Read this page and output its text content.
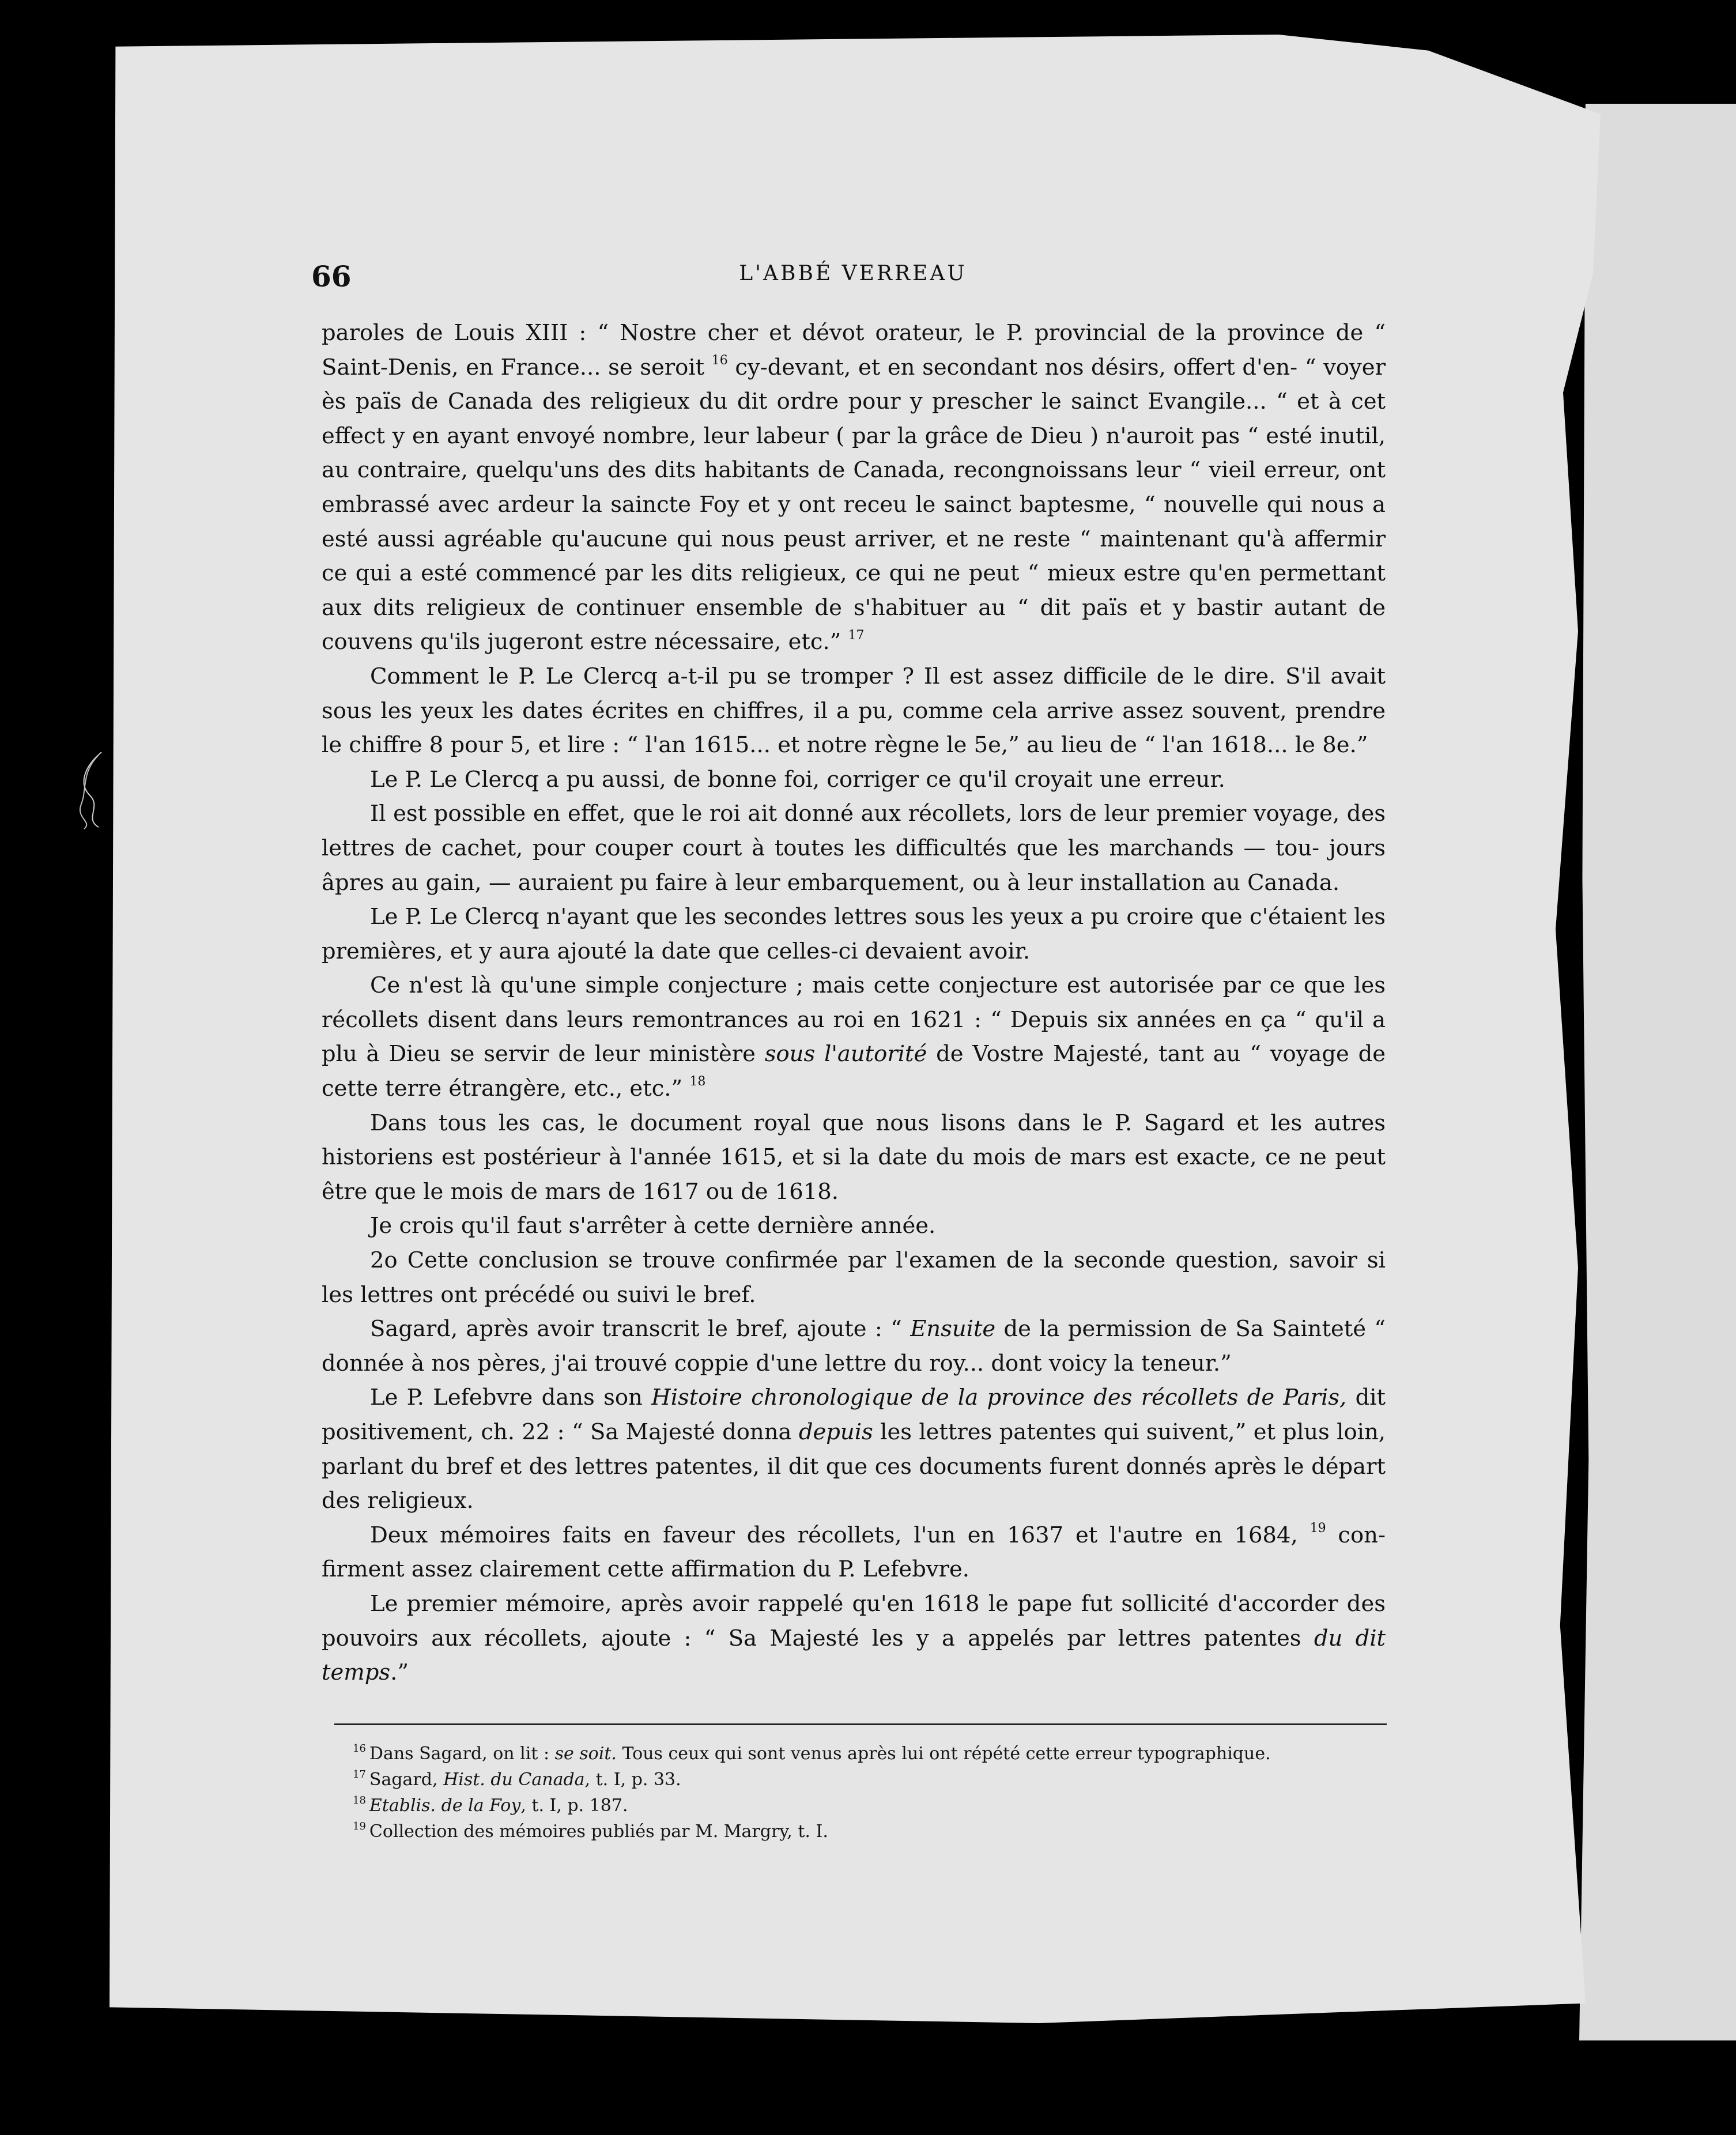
66	L'ABBÉ VERREAU

paroles de Louis XIII : “ Nostre cher et dévot orateur, le P. provincial de la province de “ Saint-Denis, en France... se seroit $^{16}$ cy-devant, et en secondant nos désirs, offert d'en- “ voyer ès païs de Canada des religieux du dit ordre pour y prescher le sainct Evangile... “ et à cet effect y en ayant envoyé nombre, leur labeur ( par la grâce de Dieu ) n'auroit pas “ esté inutil, au contraire, quelqu'uns des dits habitants de Canada, recongnoissans leur “ vieil erreur, ont embrassé avec ardeur la saincte Foy et y ont receu le sainct baptesme, “ nouvelle qui nous a esté aussi agréable qu'aucune qui nous peust arriver, et ne reste “ maintenant qu'à affermir ce qui a esté commencé par les dits religieux, ce qui ne peut “ mieux estre qu'en permettant aux dits religieux de continuer ensemble de s'habituer au “ dit païs et y bastir autant de couvens qu'ils jugeront estre nécessaire, etc.” $^{17}$

Comment le P. Le Clercq a-t-il pu se tromper ? Il est assez difficile de le dire. S'il avait sous les yeux les dates écrites en chiffres, il a pu, comme cela arrive assez souvent, prendre le chiffre 8 pour 5, et lire : “ l'an 1615... et notre règne le 5e,” au lieu de “ l'an 1618... le 8e.”

Le P. Le Clercq a pu aussi, de bonne foi, corriger ce qu'il croyait une erreur.

Il est possible en effet, que le roi ait donné aux récollets, lors de leur premier voyage, des lettres de cachet, pour couper court à toutes les difficultés que les marchands — tou- jours âpres au gain, — auraient pu faire à leur embarquement, ou à leur installation au Canada.

Le P. Le Clercq n'ayant que les secondes lettres sous les yeux a pu croire que c'étaient les premières, et y aura ajouté la date que celles-ci devaient avoir.

Ce n'est là qu'une simple conjecture ; mais cette conjecture est autorisée par ce que les récollets disent dans leurs remontrances au roi en 1621 : “ Depuis six années en ça “ qu'il a plu à Dieu se servir de leur ministère sous l'autorité de Vostre Majesté, tant au “ voyage de cette terre étrangère, etc., etc.” $^{18}$

Dans tous les cas, le document royal que nous lisons dans le P. Sagard et les autres historiens est postérieur à l'année 1615, et si la date du mois de mars est exacte, ce ne peut être que le mois de mars de 1617 ou de 1618.

Je crois qu'il faut s'arrêter à cette dernière année.

2o Cette conclusion se trouve confirmée par l'examen de la seconde question, savoir si les lettres ont précédé ou suivi le bref.

Sagard, après avoir transcrit le bref, ajoute : “ Ensuite de la permission de Sa Sainteté “ donnée à nos pères, j'ai trouvé coppie d'une lettre du roy... dont voicy la teneur.”

Le P. Lefebvre dans son Histoire chronologique de la province des récollets de Paris, dit positivement, ch. 22 : “ Sa Majesté donna depuis les lettres patentes qui suivent,” et plus loin, parlant du bref et des lettres patentes, il dit que ces documents furent donnés après le départ des religieux.

Deux mémoires faits en faveur des récollets, l'un en 1637 et l'autre en 1684, $^{19}$ con- firment assez clairement cette affirmation du P. Lefebvre.

Le premier mémoire, après avoir rappelé qu'en 1618 le pape fut sollicité d'accorder des pouvoirs aux récollets, ajoute : “ Sa Majesté les y a appelés par lettres patentes du dit temps.”

$^{16}$ Dans Sagard, on lit : se soit. Tous ceux qui sont venus après lui ont répété cette erreur typographique.
$^{17}$ Sagard, Hist. du Canada, t. I, p. 33.
$^{18}$ Etablis. de la Foy, t. I, p. 187.
$^{19}$ Collection des mémoires publiés par M. Margry, t. I.
